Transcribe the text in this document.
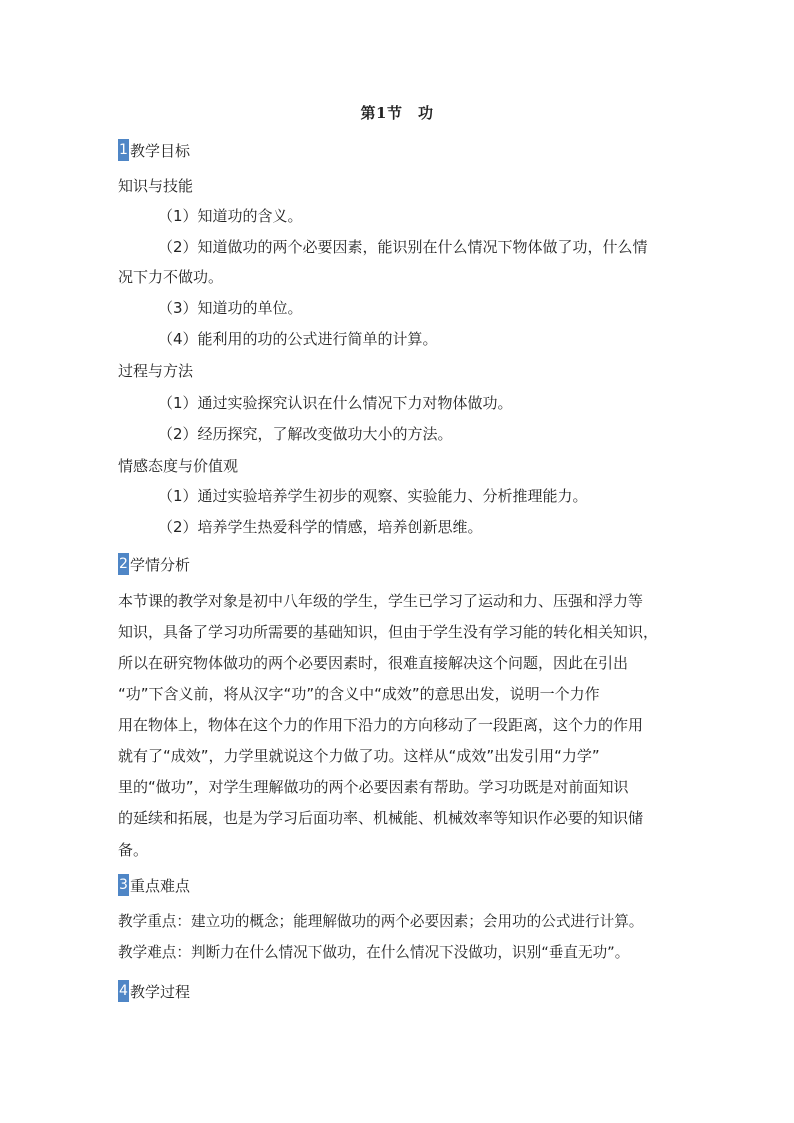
第1节　功
1 教学目标
知识与技能
（1）知道功的含义。
（2）知道做功的两个必要因素，能识别在什么情况下物体做了功，什么情
况下力不做功。
（3）知道功的单位。
（4）能利用的功的公式进行简单的计算。
过程与方法
（1）通过实验探究认识在什么情况下力对物体做功。
（2）经历探究，了解改变做功大小的方法。
情感态度与价值观
（1）通过实验培养学生初步的观察、实验能力、分析推理能力。
（2）培养学生热爱科学的情感，培养创新思维。
2 学情分析
本节课的教学对象是初中八年级的学生，学生已学习了运动和力、压强和浮力等
知识，具备了学习功所需要的基础知识，但由于学生没有学习能的转化相关知识，
所以在研究物体做功的两个必要因素时，很难直接解决这个问题，因此在引出
“功”下含义前，将从汉字“功”的含义中“成效”的意思出发，说明一个力作
用在物体上，物体在这个力的作用下沿力的方向移动了一段距离，这个力的作用
就有了“成效”，力学里就说这个力做了功。这样从“成效”出发引用“力学”
里的“做功”，对学生理解做功的两个必要因素有帮助。学习功既是对前面知识
的延续和拓展，也是为学习后面功率、机械能、机械效率等知识作必要的知识储
备。
3 重点难点
教学重点：建立功的概念；能理解做功的两个必要因素；会用功的公式进行计算。
教学难点：判断力在什么情况下做功，在什么情况下没做功，识别“垂直无功”。
4 教学过程
